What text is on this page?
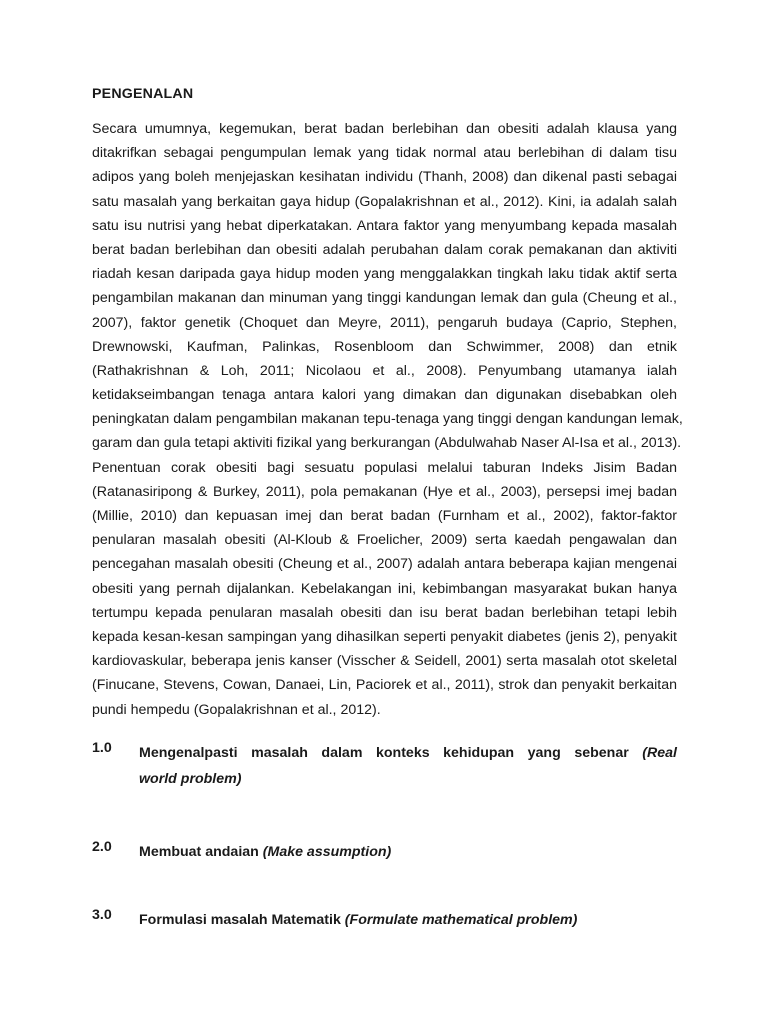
PENGENALAN
Secara umumnya, kegemukan, berat badan berlebihan dan obesiti adalah klausa yang
ditakrifkan sebagai pengumpulan lemak yang tidak normal atau berlebihan di dalam tisu
adipos yang boleh menjejaskan kesihatan individu (Thanh, 2008) dan dikenal pasti sebagai
satu masalah yang berkaitan gaya hidup (Gopalakrishnan et al., 2012). Kini, ia adalah salah
satu isu nutrisi yang hebat diperkatakan. Antara faktor yang menyumbang kepada masalah
berat badan berlebihan dan obesiti adalah perubahan dalam corak pemakanan dan aktiviti
riadah kesan daripada gaya hidup moden yang menggalakkan tingkah laku tidak aktif serta
pengambilan makanan dan minuman yang tinggi kandungan lemak dan gula (Cheung et al.,
2007), faktor genetik (Choquet dan Meyre, 2011), pengaruh budaya (Caprio, Stephen,
Drewnowski, Kaufman, Palinkas, Rosenbloom dan Schwimmer, 2008) dan etnik
(Rathakrishnan & Loh, 2011; Nicolaou et al., 2008). Penyumbang utamanya ialah
ketidakseimbangan tenaga antara kalori yang dimakan dan digunakan disebabkan oleh
peningkatan dalam pengambilan makanan tepu-tenaga yang tinggi dengan kandungan lemak,
garam dan gula tetapi aktiviti fizikal yang berkurangan (Abdulwahab Naser Al-Isa et al., 2013).
Penentuan corak obesiti bagi sesuatu populasi melalui taburan Indeks Jisim Badan
(Ratanasiripong & Burkey, 2011), pola pemakanan (Hye et al., 2003), persepsi imej badan
(Millie, 2010) dan kepuasan imej dan berat badan (Furnham et al., 2002), faktor-faktor
penularan masalah obesiti (Al-Kloub & Froelicher, 2009) serta kaedah pengawalan dan
pencegahan masalah obesiti (Cheung et al., 2007) adalah antara beberapa kajian mengenai
obesiti yang pernah dijalankan. Kebelakangan ini, kebimbangan masyarakat bukan hanya
tertumpu kepada penularan masalah obesiti dan isu berat badan berlebihan tetapi lebih
kepada kesan-kesan sampingan yang dihasilkan seperti penyakit diabetes (jenis 2), penyakit
kardiovaskular, beberapa jenis kanser (Visscher & Seidell, 2001) serta masalah otot skeletal
(Finucane, Stevens, Cowan, Danaei, Lin, Paciorek et al., 2011), strok dan penyakit berkaitan
pundi hempedu (Gopalakrishnan et al., 2012).
1.0 Mengenalpasti masalah dalam konteks kehidupan yang sebenar (Real
world problem)
2.0 Membuat andaian (Make assumption)
3.0 Formulasi masalah Matematik (Formulate mathematical problem)
